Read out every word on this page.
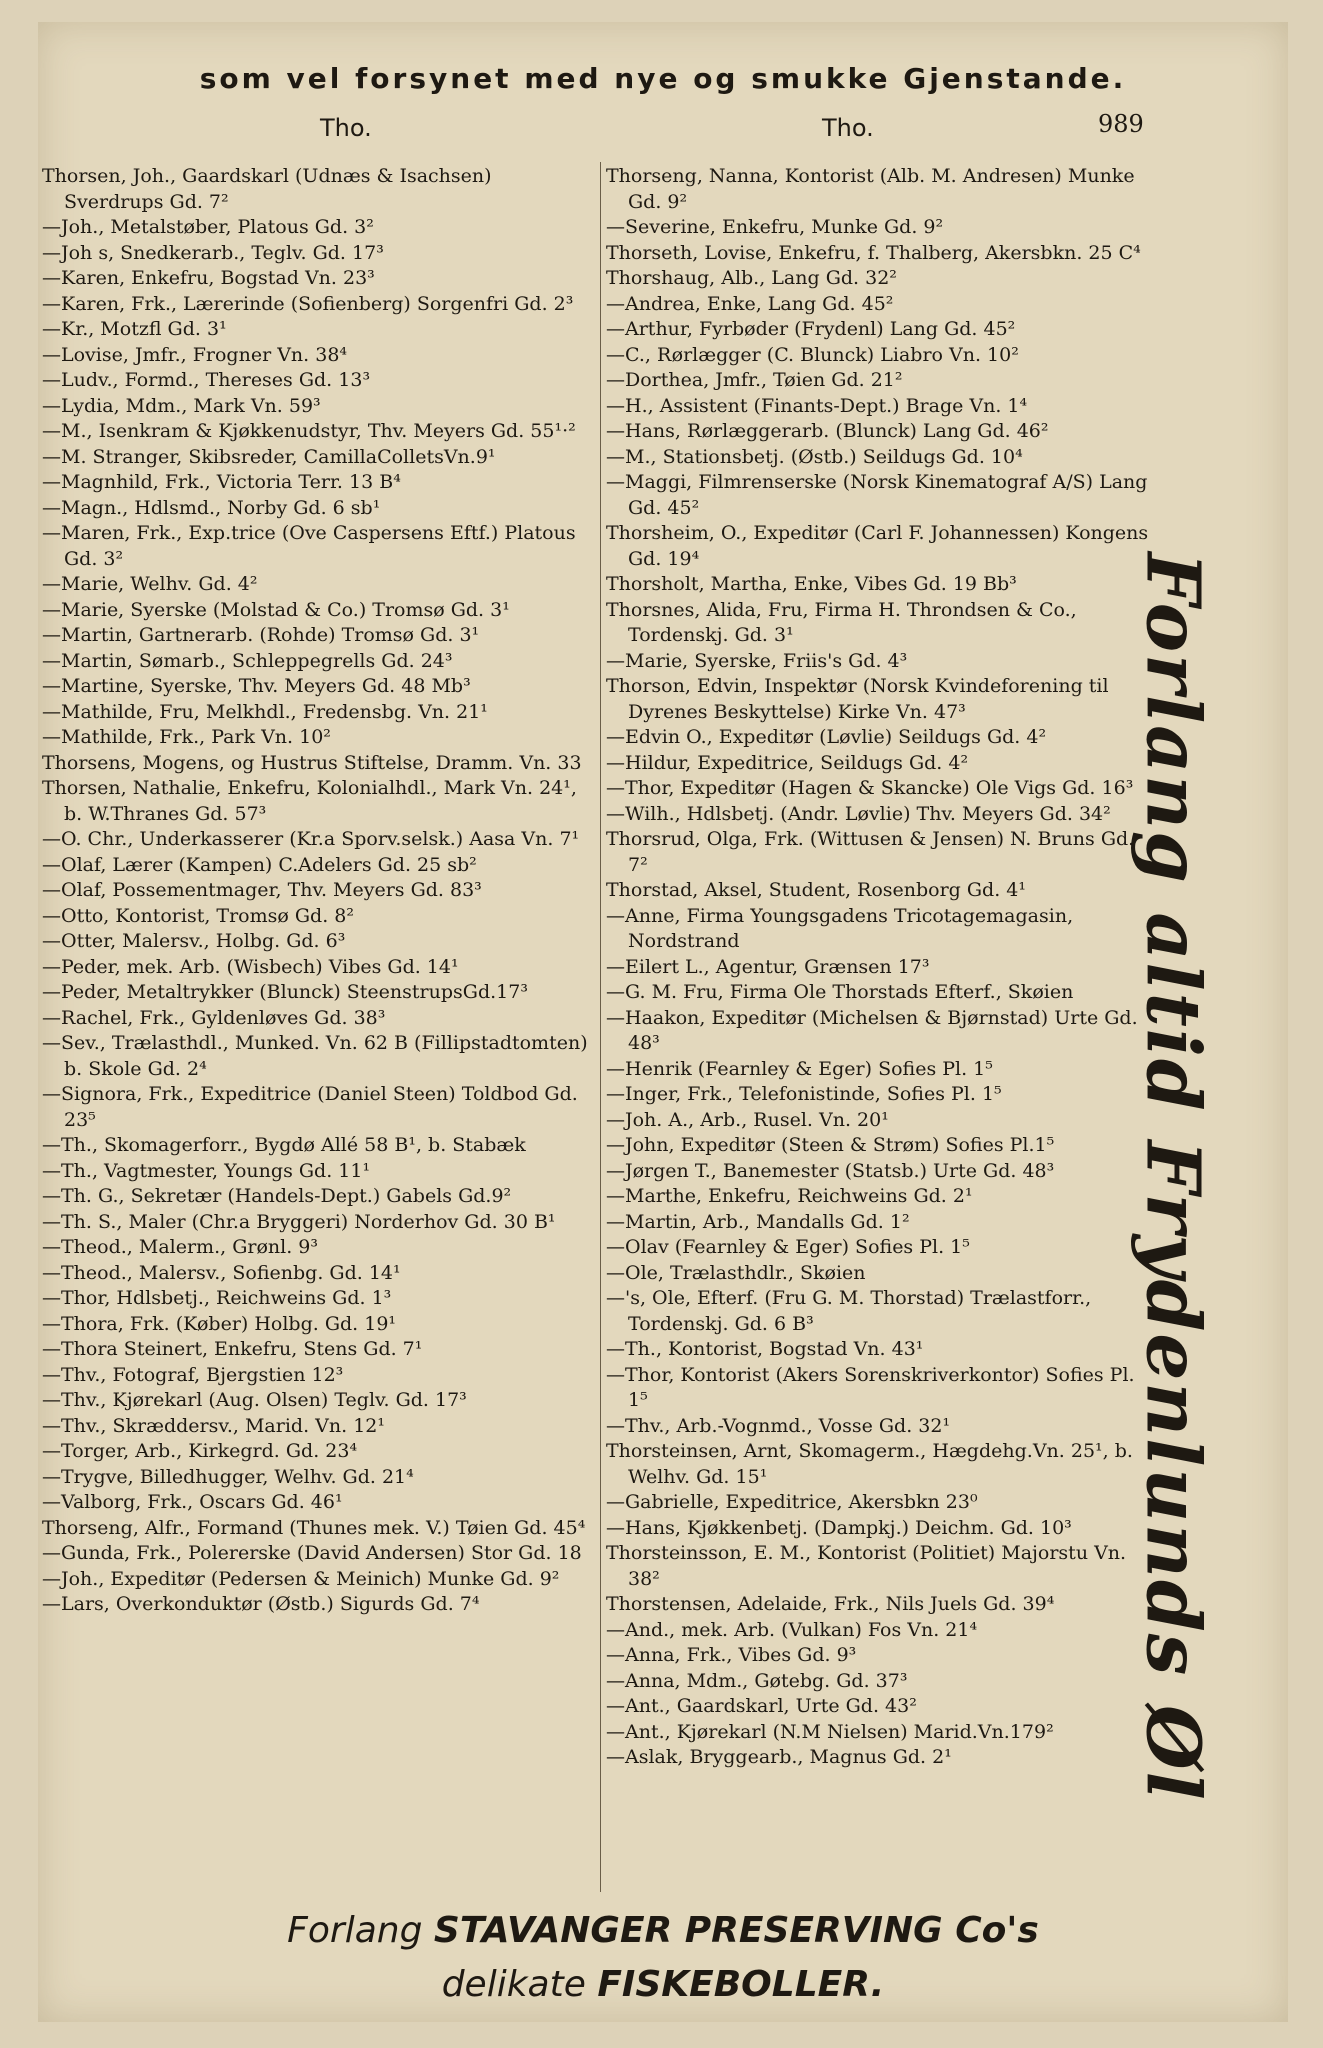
som vel forsynet med nye og smukke Gjenstande.
Tho.	Tho.	989
Thorsen, Joh., Gaardskarl (Udnæs & Isachsen) Sverdrups Gd. 7²
—Joh., Metalstøber, Platous Gd. 3²
—Joh s, Snedkerarb., Teglv. Gd. 17³
—Karen, Enkefru, Bogstad Vn. 23³
—Karen, Frk., Lærerinde (Sofienberg) Sorgenfri Gd. 2³
—Kr., Motzfl Gd. 3¹
—Lovise, Jmfr., Frogner Vn. 38⁴
—Ludv., Formd., Thereses Gd. 13³
—Lydia, Mdm., Mark Vn. 59³
—M., Isenkram & Kjøkkenudstyr, Thv. Meyers Gd. 55¹·²
—M. Stranger, Skibsreder, CamillaColletsVn.9¹
—Magnhild, Frk., Victoria Terr. 13 B⁴
—Magn., Hdlsmd., Norby Gd. 6 sb¹
—Maren, Frk., Exp.trice (Ove Caspersens Eftf.) Platous Gd. 3²
—Marie, Welhv. Gd. 4²
—Marie, Syerske (Molstad & Co.) Tromsø Gd. 3¹
—Martin, Gartnerarb. (Rohde) Tromsø Gd. 3¹
—Martin, Sømarb., Schleppegrells Gd. 24³
—Martine, Syerske, Thv. Meyers Gd. 48 Mb³
—Mathilde, Fru, Melkhdl., Fredensbg. Vn. 21¹
—Mathilde, Frk., Park Vn. 10²
Thorsens, Mogens, og Hustrus Stiftelse, Dramm. Vn. 33
Thorsen, Nathalie, Enkefru, Kolonialhdl., Mark Vn. 24¹, b. W.Thranes Gd. 57³
—O. Chr., Underkasserer (Kr.a Sporv.selsk.) Aasa Vn. 7¹
—Olaf, Lærer (Kampen) C.Adelers Gd. 25 sb²
—Olaf, Possementmager, Thv. Meyers Gd. 83³
—Otto, Kontorist, Tromsø Gd. 8²
—Otter, Malersv., Holbg. Gd. 6³
—Peder, mek. Arb. (Wisbech) Vibes Gd. 14¹
—Peder, Metaltrykker (Blunck) SteenstrupsGd.17³
—Rachel, Frk., Gyldenløves Gd. 38³
—Sev., Trælasthdl., Munked. Vn. 62 B (Fillipstadtomten) b. Skole Gd. 2⁴
—Signora, Frk., Expeditrice (Daniel Steen) Toldbod Gd. 23⁵
—Th., Skomagerforr., Bygdø Allé 58 B¹, b. Stabæk
—Th., Vagtmester, Youngs Gd. 11¹
—Th. G., Sekretær (Handels-Dept.) Gabels Gd.9²
—Th. S., Maler (Chr.a Bryggeri) Norderhov Gd. 30 B¹
—Theod., Malerm., Grønl. 9³
—Theod., Malersv., Sofienbg. Gd. 14¹
—Thor, Hdlsbetj., Reichweins Gd. 1³
—Thora, Frk. (Køber) Holbg. Gd. 19¹
—Thora Steinert, Enkefru, Stens Gd. 7¹
—Thv., Fotograf, Bjergstien 12³
—Thv., Kjørekarl (Aug. Olsen) Teglv. Gd. 17³
—Thv., Skræddersv., Marid. Vn. 12¹
—Torger, Arb., Kirkegrd. Gd. 23⁴
—Trygve, Billedhugger, Welhv. Gd. 21⁴
—Valborg, Frk., Oscars Gd. 46¹
Thorseng, Alfr., Formand (Thunes mek. V.) Tøien Gd. 45⁴
—Gunda, Frk., Polererske (David Andersen) Stor Gd. 18
—Joh., Expeditør (Pedersen & Meinich) Munke Gd. 9²
—Lars, Overkonduktør (Østb.) Sigurds Gd. 7⁴
Thorseng, Nanna, Kontorist (Alb. M. Andresen) Munke Gd. 9²
—Severine, Enkefru, Munke Gd. 9²
Thorseth, Lovise, Enkefru, f. Thalberg, Akersbkn. 25 C⁴
Thorshaug, Alb., Lang Gd. 32²
—Andrea, Enke, Lang Gd. 45²
—Arthur, Fyrbøder (Frydenl) Lang Gd. 45²
—C., Rørlægger (C. Blunck) Liabro Vn. 10²
—Dorthea, Jmfr., Tøien Gd. 21²
—H., Assistent (Finants-Dept.) Brage Vn. 1⁴
—Hans, Rørlæggerarb. (Blunck) Lang Gd. 46²
—M., Stationsbetj. (Østb.) Seildugs Gd. 10⁴
—Maggi, Filmrenserske (Norsk Kinematograf A/S) Lang Gd. 45²
Thorsheim, O., Expeditør (Carl F. Johannessen) Kongens Gd. 19⁴
Thorsholt, Martha, Enke, Vibes Gd. 19 Bb³
Thorsnes, Alida, Fru, Firma H. Throndsen & Co., Tordenskj. Gd. 3¹
—Marie, Syerske, Friis's Gd. 4³
Thorson, Edvin, Inspektør (Norsk Kvindeforening til Dyrenes Beskyttelse) Kirke Vn. 47³
—Edvin O., Expeditør (Løvlie) Seildugs Gd. 4²
—Hildur, Expeditrice, Seildugs Gd. 4²
—Thor, Expeditør (Hagen & Skancke) Ole Vigs Gd. 16³
—Wilh., Hdlsbetj. (Andr. Løvlie) Thv. Meyers Gd. 34²
Thorsrud, Olga, Frk. (Wittusen & Jensen) N. Bruns Gd. 7²
Thorstad, Aksel, Student, Rosenborg Gd. 4¹
—Anne, Firma Youngsgadens Tricotagemagasin, Nordstrand
—Eilert L., Agentur, Grænsen 17³
—G. M. Fru, Firma Ole Thorstads Efterf., Skøien
—Haakon, Expeditør (Michelsen & Bjørnstad) Urte Gd. 48³
—Henrik (Fearnley & Eger) Sofies Pl. 1⁵
—Inger, Frk., Telefonistinde, Sofies Pl. 1⁵
—Joh. A., Arb., Rusel. Vn. 20¹
—John, Expeditør (Steen & Strøm) Sofies Pl.1⁵
—Jørgen T., Banemester (Statsb.) Urte Gd. 48³
—Marthe, Enkefru, Reichweins Gd. 2¹
—Martin, Arb., Mandalls Gd. 1²
—Olav (Fearnley & Eger) Sofies Pl. 1⁵
—Ole, Trælasthdlr., Skøien
—'s, Ole, Efterf. (Fru G. M. Thorstad) Trælastforr., Tordenskj. Gd. 6 B³
—Th., Kontorist, Bogstad Vn. 43¹
—Thor, Kontorist (Akers Sorenskriverkontor) Sofies Pl. 1⁵
—Thv., Arb.-Vognmd., Vosse Gd. 32¹
Thorsteinsen, Arnt, Skomagerm., Hægdehg.Vn. 25¹, b. Welhv. Gd. 15¹
—Gabrielle, Expeditrice, Akersbkn 23⁰
—Hans, Kjøkkenbetj. (Dampkj.) Deichm. Gd. 10³
Thorsteinsson, E. M., Kontorist (Politiet) Majorstu Vn. 38²
Thorstensen, Adelaide, Frk., Nils Juels Gd. 39⁴
—And., mek. Arb. (Vulkan) Fos Vn. 21⁴
—Anna, Frk., Vibes Gd. 9³
—Anna, Mdm., Gøtebg. Gd. 37³
—Ant., Gaardskarl, Urte Gd. 43²
—Ant., Kjørekarl (N.M Nielsen) Marid.Vn.179²
—Aslak, Bryggearb., Magnus Gd. 2¹	Forlang altid Frydenlunds Øl

Forlang STAVANGER PRESERVING Co's

delikate FISKEBOLLER.
